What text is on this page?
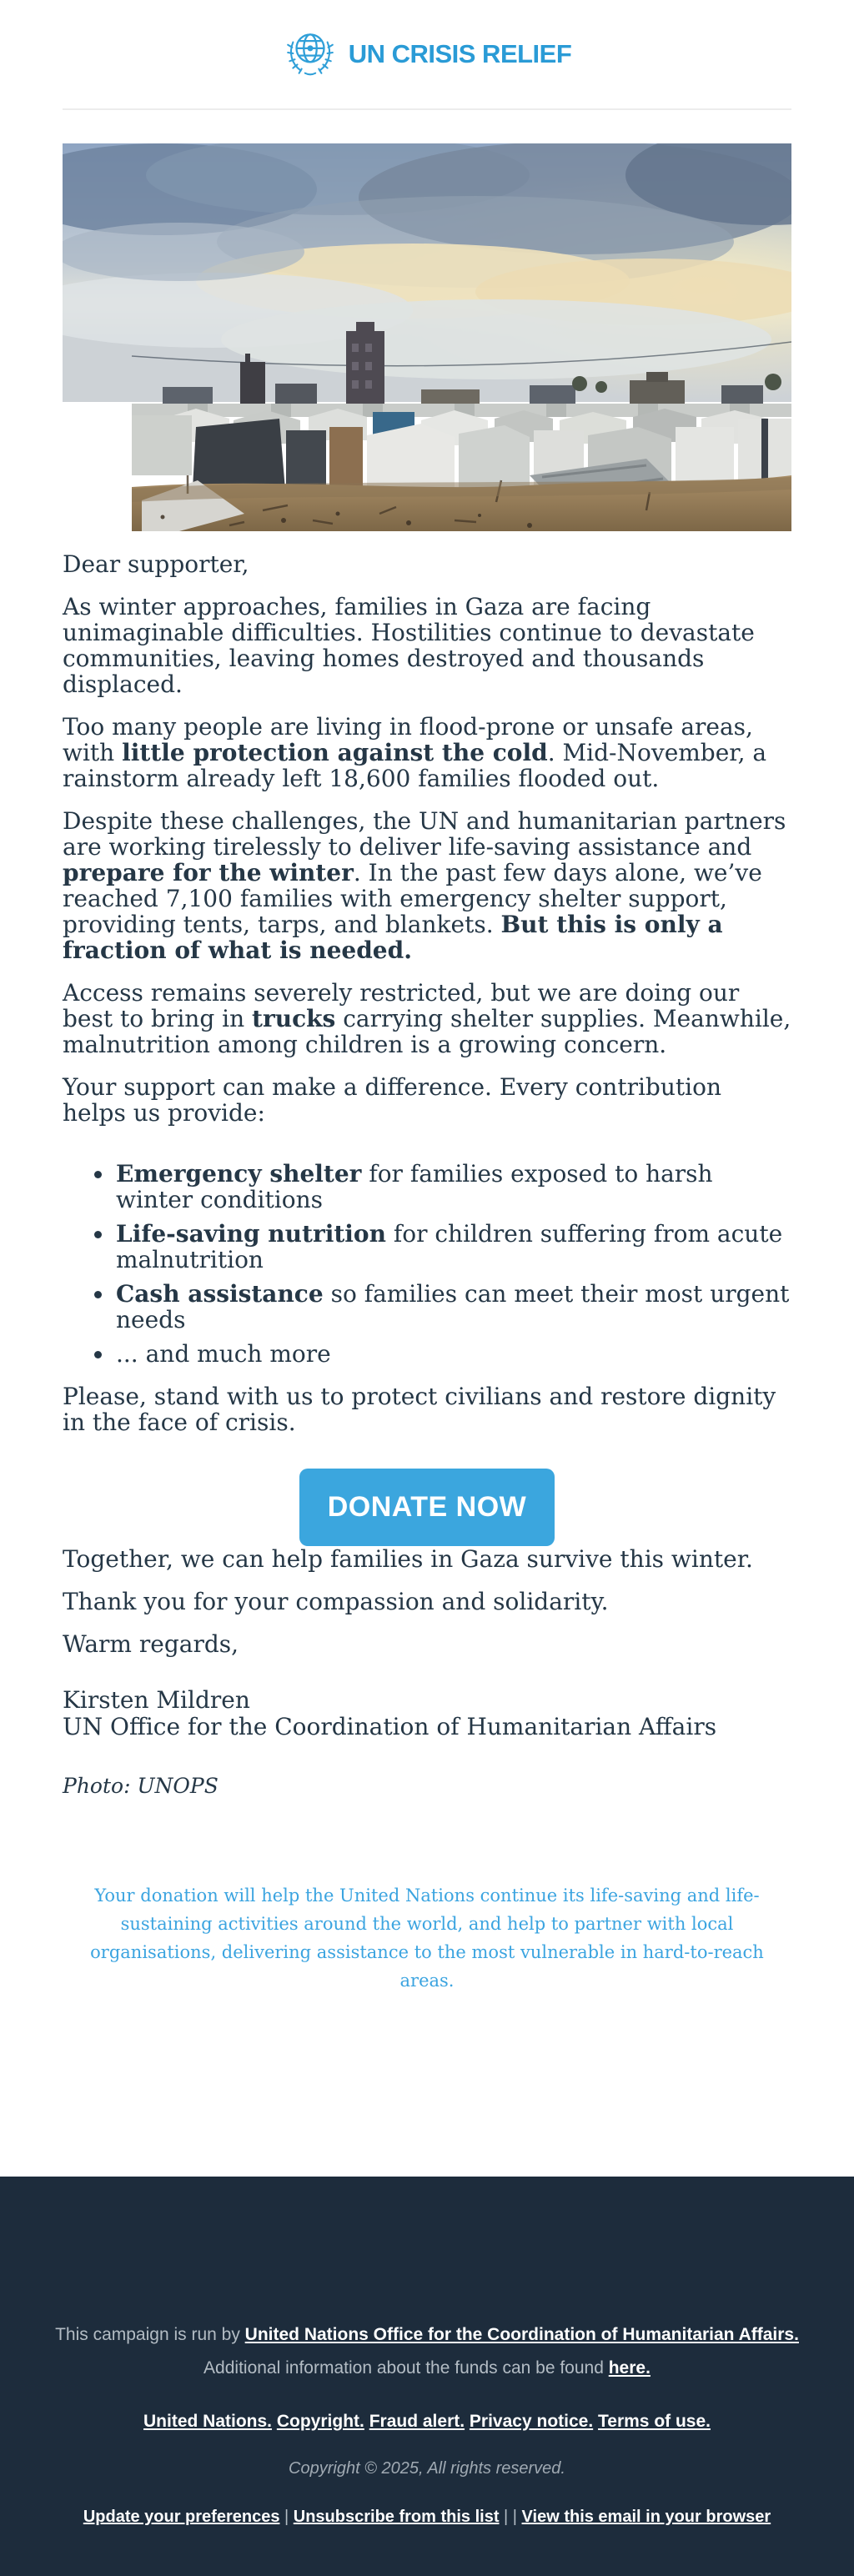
UN CRISIS RELIEF

Dear supporter,

As winter approaches, families in Gaza are facing unimaginable difficulties. Hostilities continue to devastate communities, leaving homes destroyed and thousands displaced.

Too many people are living in flood-prone or unsafe areas, with little protection against the cold. Mid-November, a rainstorm already left 18,600 families flooded out.

Despite these challenges, the UN and humanitarian partners are working tirelessly to deliver life-saving assistance and prepare for the winter. In the past few days alone, we’ve reached 7,100 families with emergency shelter support, providing tents, tarps, and blankets. But this is only a fraction of what is needed.

Access remains severely restricted, but we are doing our best to bring in trucks carrying shelter supplies. Meanwhile, malnutrition among children is a growing concern.

Your support can make a difference. Every contribution helps us provide:

• Emergency shelter for families exposed to harsh winter conditions
• Life-saving nutrition for children suffering from acute malnutrition
• Cash assistance so families can meet their most urgent needs
• ... and much more

Please, stand with us to protect civilians and restore dignity in the face of crisis.

DONATE NOW

Together, we can help families in Gaza survive this winter.

Thank you for your compassion and solidarity.

Warm regards,

Kirsten Mildren
UN Office for the Coordination of Humanitarian Affairs

Photo: UNOPS

Your donation will help the United Nations continue its life-saving and life-sustaining activities around the world, and help to partner with local organisations, delivering assistance to the most vulnerable in hard-to-reach areas.

This campaign is run by United Nations Office for the Coordination of Humanitarian Affairs.

Additional information about the funds can be found here.

United Nations. Copyright. Fraud alert. Privacy notice. Terms of use.

Copyright © 2025, All rights reserved.

Update your preferences | Unsubscribe from this list | | View this email in your browser
